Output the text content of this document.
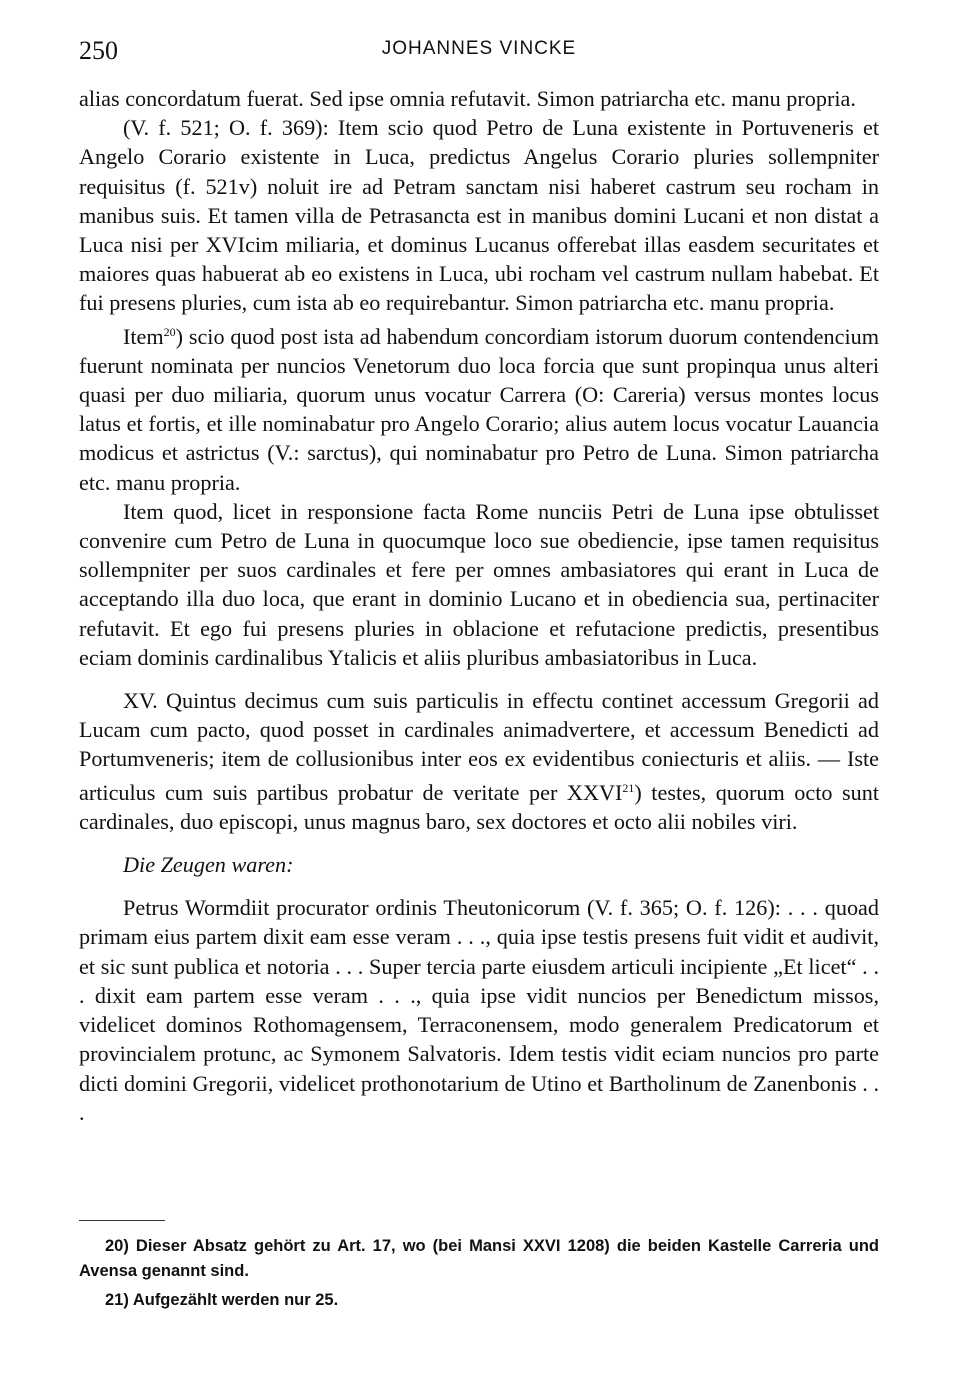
250	JOHANNES VINCKE

alias concordatum fuerat. Sed ipse omnia refutavit. Simon patriarcha etc. manu propria.

(V. f. 521; O. f. 369): Item scio quod Petro de Luna existente in Portuveneris et Angelo Corario existente in Luca, predictus Angelus Corario pluries sollempniter requisitus (f. 521v) noluit ire ad Petram sanctam nisi haberet castrum seu rocham in manibus suis. Et tamen villa de Petrasancta est in manibus domini Lucani et non distat a Luca nisi per XVIcim miliaria, et dominus Lucanus offerebat illas easdem securitates et maiores quas habuerat ab eo existens in Luca, ubi rocham vel castrum nullam habebat. Et fui presens pluries, cum ista ab eo requirebantur. Simon patriarcha etc. manu propria.

Item$^{20}$) scio quod post ista ad habendum concordiam istorum duorum contendencium fuerunt nominata per nuncios Venetorum duo loca forcia que sunt propinqua unus alteri quasi per duo miliaria, quorum unus vocatur Carrera (O: Careria) versus montes locus latus et fortis, et ille nominabatur pro Angelo Corario; alius autem locus vocatur Lauancia modicus et astrictus (V.: sarctus), qui nominabatur pro Petro de Luna. Simon patriarcha etc. manu propria.

Item quod, licet in responsione facta Rome nunciis Petri de Luna ipse obtulisset convenire cum Petro de Luna in quocumque loco sue obediencie, ipse tamen requisitus sollempniter per suos cardinales et fere per omnes ambasiatores qui erant in Luca de acceptando illa duo loca, que erant in dominio Lucano et in obediencia sua, pertinaciter refutavit. Et ego fui presens pluries in oblacione et refutacione predictis, presentibus eciam dominis cardinalibus Ytalicis et aliis pluribus ambasiatoribus in Luca.

XV. Quintus decimus cum suis particulis in effectu continet accessum Gregorii ad Lucam cum pacto, quod posset in cardinales animadvertere, et accessum Benedicti ad Portumveneris; item de collusionibus inter eos ex evidentibus coniecturis et aliis. — Iste articulus cum suis partibus probatur de veritate per XXVI$^{21}$) testes, quorum octo sunt cardinales, duo episcopi, unus magnus baro, sex doctores et octo alii nobiles viri.

Die Zeugen waren:

Petrus Wormdiit procurator ordinis Theutonicorum (V. f. 365; O. f. 126): . . . quoad primam eius partem dixit eam esse veram . . ., quia ipse testis presens fuit vidit et audivit, et sic sunt publica et notoria . . . Super tercia parte eiusdem articuli incipiente „Et licet“ . . . dixit eam partem esse veram . . ., quia ipse vidit nuncios per Benedictum missos, videlicet dominos Rothomagensem, Terraconensem, modo generalem Predicatorum et provincialem protunc, ac Symonem Salvatoris. Idem testis vidit eciam nuncios pro parte dicti domini Gregorii, videlicet prothonotarium de Utino et Bartholinum de Zanenbonis . . .

20) Dieser Absatz gehört zu Art. 17, wo (bei Mansi XXVI 1208) die beiden Kastelle Carreria und Avensa genannt sind.

21) Aufgezählt werden nur 25.
